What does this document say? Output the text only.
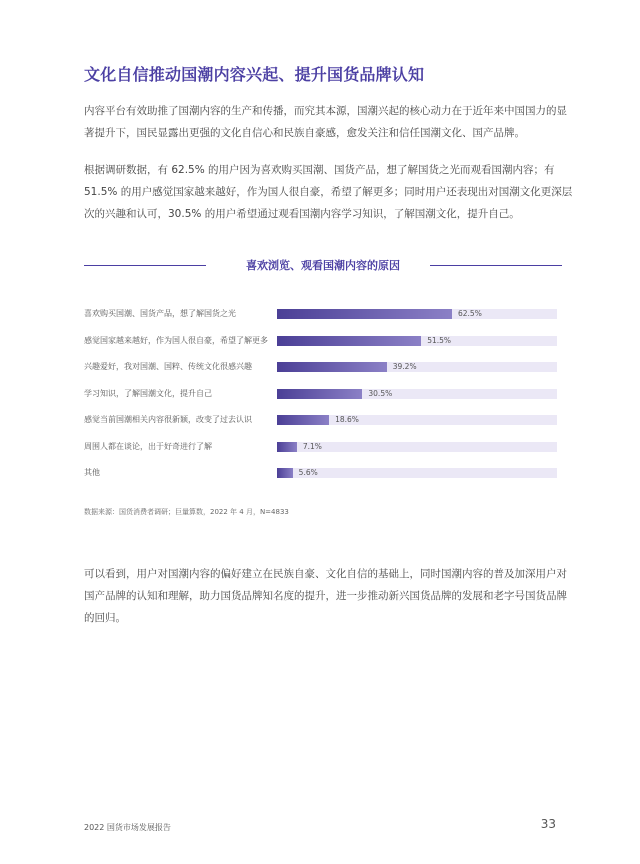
文化自信推动国潮内容兴起、提升国货品牌认知
内容平台有效助推了国潮内容的生产和传播，而究其本源，国潮兴起的核心动力在于近年来中国国力的显著提升下，国民显露出更强的文化自信心和民族自豪感，愈发关注和信任国潮文化、国产品牌。
根据调研数据，有 62.5% 的用户因为喜欢购买国潮、国货产品，想了解国货之光而观看国潮内容；有 51.5% 的用户感觉国家越来越好，作为国人很自豪，希望了解更多；同时用户还表现出对国潮文化更深层次的兴趣和认可，30.5% 的用户希望通过观看国潮内容学习知识，了解国潮文化，提升自己。
喜欢浏览、观看国潮内容的原因
喜欢购买国潮、国货产品，想了解国货之光	62.5%
感觉国家越来越好，作为国人很自豪，希望了解更多	51.5%
兴趣爱好，我对国潮、国粹、传统文化很感兴趣	39.2%
学习知识，了解国潮文化，提升自己	30.5%
感觉当前国潮相关内容很新颖，改变了过去认识	18.6%
周围人都在谈论，出于好奇进行了解	7.1%
其他	5.6%
数据来源：国货消费者调研；巨量算数，2022 年 4 月，N=4833
可以看到，用户对国潮内容的偏好建立在民族自豪、文化自信的基础上，同时国潮内容的普及加深用户对国产品牌的认知和理解，助力国货品牌知名度的提升，进一步推动新兴国货品牌的发展和老字号国货品牌的回归。
2022 国货市场发展报告	33
